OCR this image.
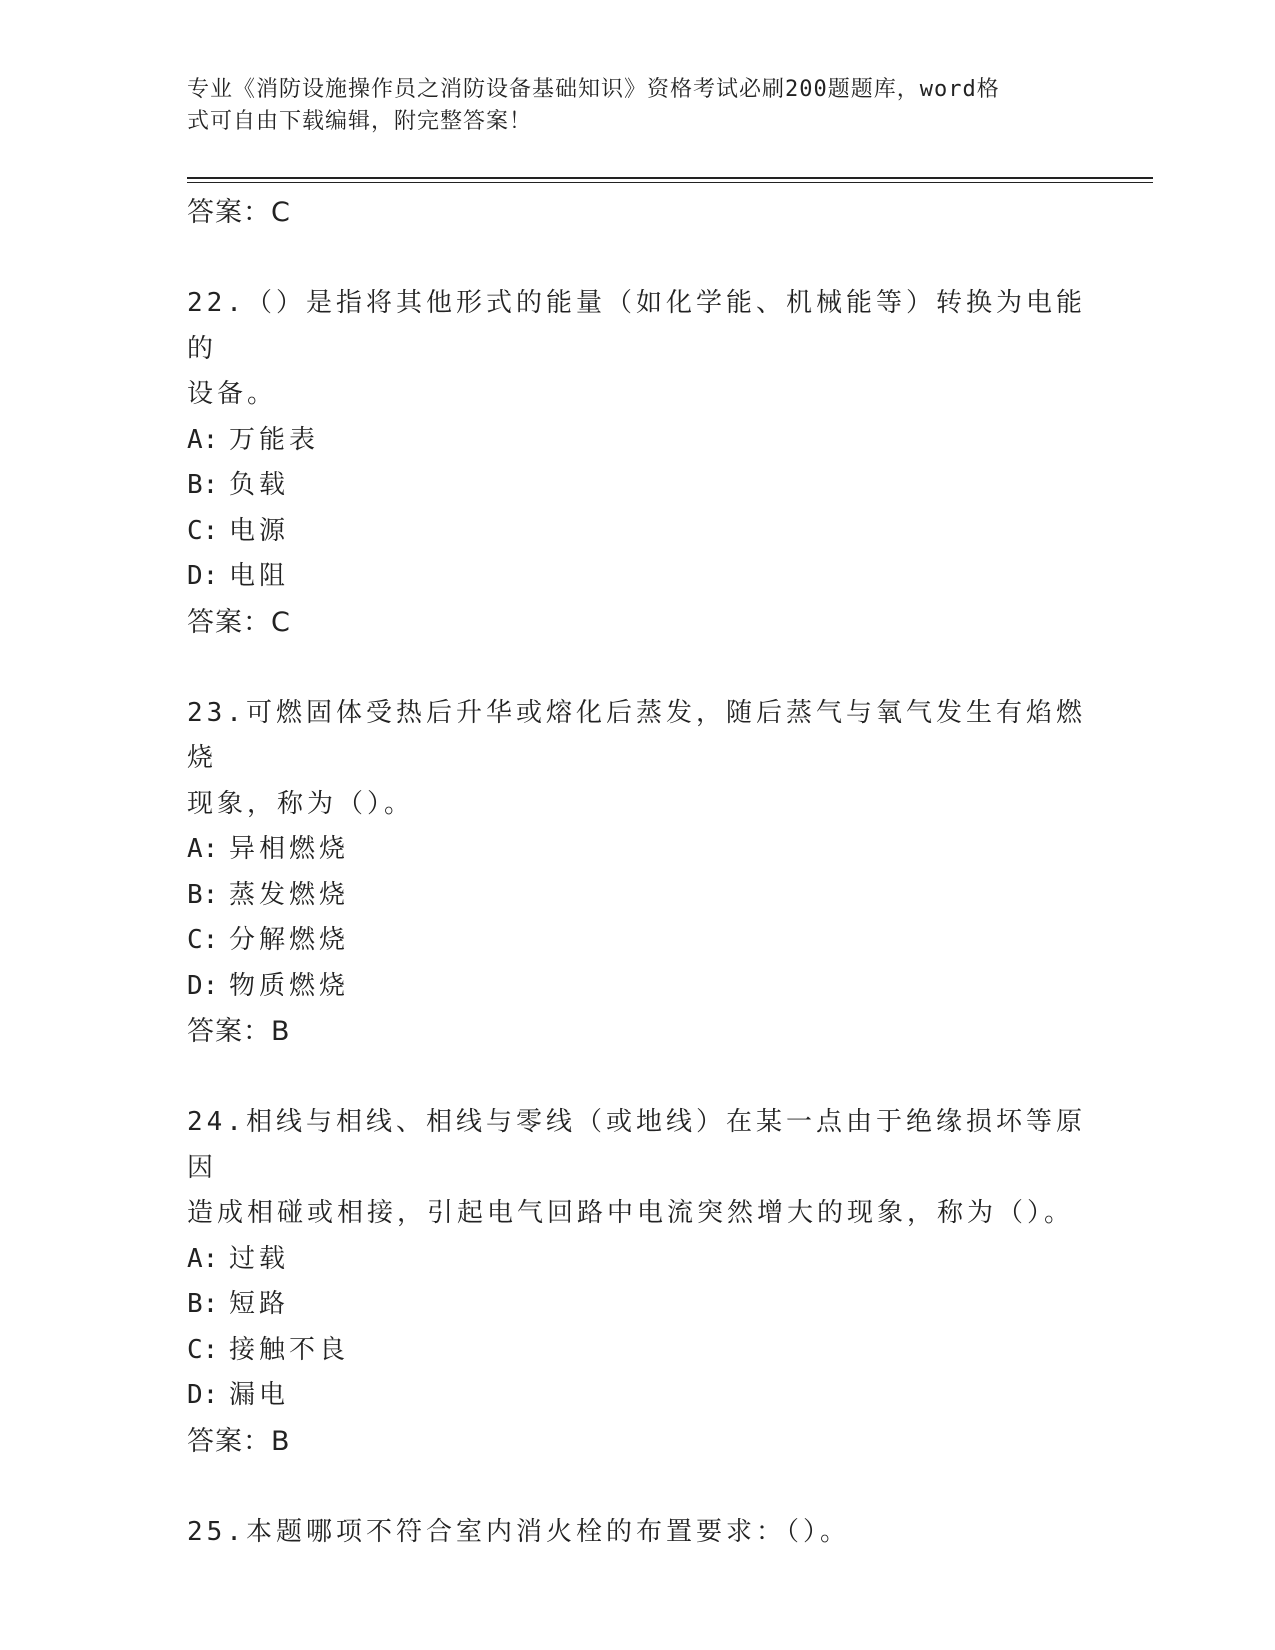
专业《消防设施操作员之消防设备基础知识》资格考试必刷200题题库，word格
式可自由下载编辑，附完整答案！
答案：C
22.（）是指将其他形式的能量（如化学能、机械能等）转换为电能的
设备。
A: 万能表
B: 负载
C: 电源
D: 电阻
答案：C
23.可燃固体受热后升华或熔化后蒸发，随后蒸气与氧气发生有焰燃烧
现象，称为（）。
A: 异相燃烧
B: 蒸发燃烧
C: 分解燃烧
D: 物质燃烧
答案：B
24.相线与相线、相线与零线（或地线）在某一点由于绝缘损坏等原因
造成相碰或相接，引起电气回路中电流突然增大的现象，称为（）。
A: 过载
B: 短路
C: 接触不良
D: 漏电
答案：B
25.本题哪项不符合室内消火栓的布置要求：（）。
